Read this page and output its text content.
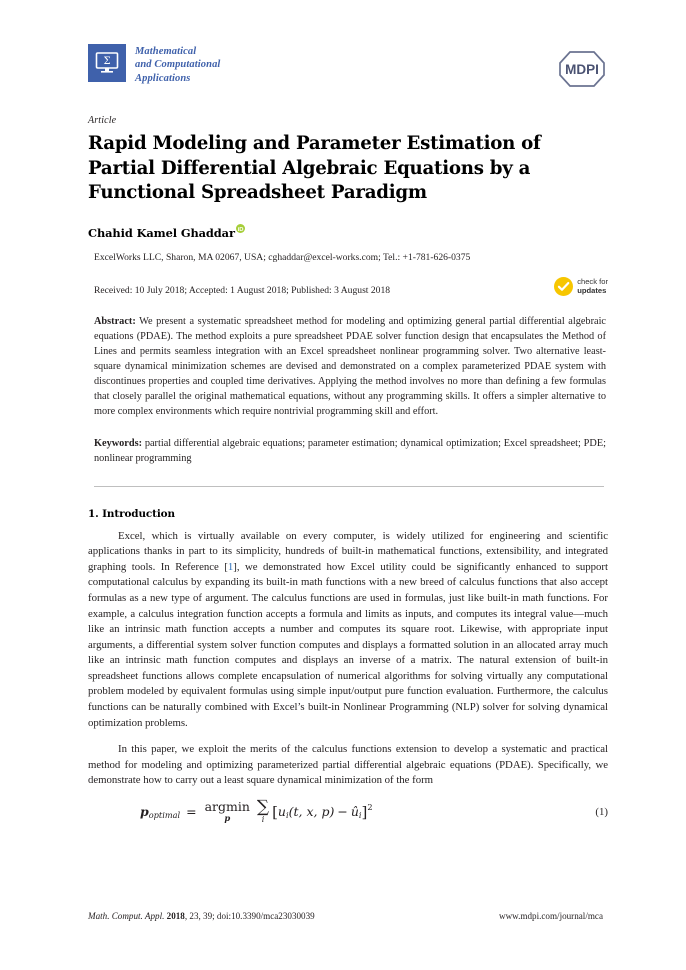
Σ
Mathematical
and Computational
Applications
MDPI
Article
Rapid Modeling and Parameter Estimation of Partial Differential Algebraic Equations by a Functional Spreadsheet Paradigm
Chahid Kamel Ghaddar iD
ExcelWorks LLC, Sharon, MA 02067, USA; cghaddar@excel-works.com; Tel.: +1-781-626-0375
Received: 10 July 2018; Accepted: 1 August 2018; Published: 3 August 2018
check for
updates
Abstract: We present a systematic spreadsheet method for modeling and optimizing general partial differential algebraic equations (PDAE). The method exploits a pure spreadsheet PDAE solver function design that encapsulates the Method of Lines and permits seamless integration with an Excel spreadsheet nonlinear programming solver. Two alternative least-square dynamical minimization schemes are devised and demonstrated on a complex parameterized PDAE system with discontinues properties and coupled time derivatives. Applying the method involves no more than defining a few formulas that closely parallel the original mathematical equations, without any programming skills. It offers a simpler alternative to more complex environments which require nontrivial programming skill and effort.
Keywords: partial differential algebraic equations; parameter estimation; dynamical optimization; Excel spreadsheet; PDE; nonlinear programming
1. Introduction

Excel, which is virtually available on every computer, is widely utilized for engineering and scientific applications thanks in part to its simplicity, hundreds of built-in mathematical functions, extensibility, and integrated graphing tools. In Reference [1], we demonstrated how Excel utility could be significantly enhanced to support computational calculus by expanding its built-in math functions with a new breed of calculus functions that also accept formulas as a new type of argument. The calculus functions are used in formulas, just like built-in math functions. For example, a calculus integration function accepts a formula and limits as inputs, and computes its integral value—much like an intrinsic math function accepts a number and computes its square root. Likewise, with appropriate input arguments, a differential system solver function computes and displays a formatted solution in an allocated array much like an intrinsic math function computes and displays an inverse of a matrix. The natural extension of built-in spreadsheet functions allows complete encapsulation of numerical algorithms for solving virtually any computational problem modeled by equivalent formulas using simple input/output pure function evaluation. Furthermore, the calculus functions can be naturally combined with Excel’s built-in Nonlinear Programming (NLP) solver for solving dynamical optimization problems.

In this paper, we exploit the merits of the calculus functions extension to develop a systematic and practical method for modeling and optimizing parameterized partial differential algebraic equations (PDAE). Specifically, we demonstrate how to carry out a least square dynamical minimization of the form

p optimal = argmin
p
∑
i [ u i (t, x, p) − û i ] 2	(1)
Math. Comput. Appl. 2018, 23, 39; doi:10.3390/mca23030039	www.mdpi.com/journal/mca
